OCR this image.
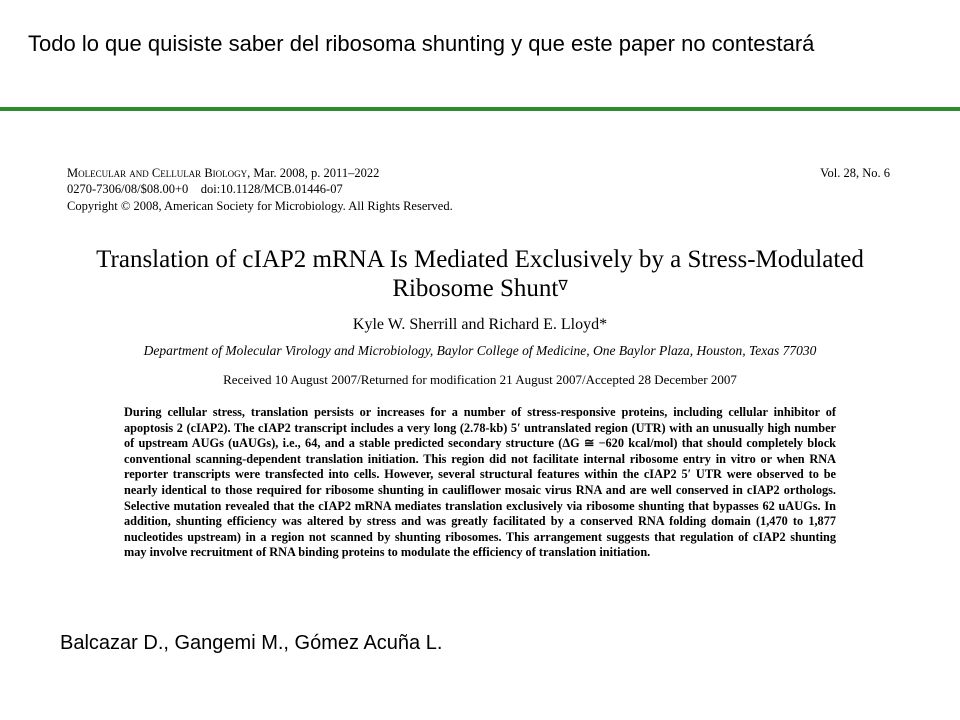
Todo lo que quisiste saber del ribosoma shunting y que este paper no contestará
Molecular and Cellular Biology, Mar. 2008, p. 2011–2022	Vol. 28, No. 6
0270-7306/08/$08.00+0    doi:10.1128/MCB.01446-07
Copyright © 2008, American Society for Microbiology. All Rights Reserved.
Translation of cIAP2 mRNA Is Mediated Exclusively by a Stress-Modulated Ribosome Shunt∇
Kyle W. Sherrill and Richard E. Lloyd*
Department of Molecular Virology and Microbiology, Baylor College of Medicine, One Baylor Plaza, Houston, Texas 77030
Received 10 August 2007/Returned for modification 21 August 2007/Accepted 28 December 2007
During cellular stress, translation persists or increases for a number of stress-responsive proteins, including cellular inhibitor of apoptosis 2 (cIAP2). The cIAP2 transcript includes a very long (2.78-kb) 5′ untranslated region (UTR) with an unusually high number of upstream AUGs (uAUGs), i.e., 64, and a stable predicted secondary structure (ΔG ≅ −620 kcal/mol) that should completely block conventional scanning-dependent translation initiation. This region did not facilitate internal ribosome entry in vitro or when RNA reporter transcripts were transfected into cells. However, several structural features within the cIAP2 5′ UTR were observed to be nearly identical to those required for ribosome shunting in cauliflower mosaic virus RNA and are well conserved in cIAP2 orthologs. Selective mutation revealed that the cIAP2 mRNA mediates translation exclusively via ribosome shunting that bypasses 62 uAUGs. In addition, shunting efficiency was altered by stress and was greatly facilitated by a conserved RNA folding domain (1,470 to 1,877 nucleotides upstream) in a region not scanned by shunting ribosomes. This arrangement suggests that regulation of cIAP2 shunting may involve recruitment of RNA binding proteins to modulate the efficiency of translation initiation.
Balcazar D., Gangemi M., Gómez Acuña L.
